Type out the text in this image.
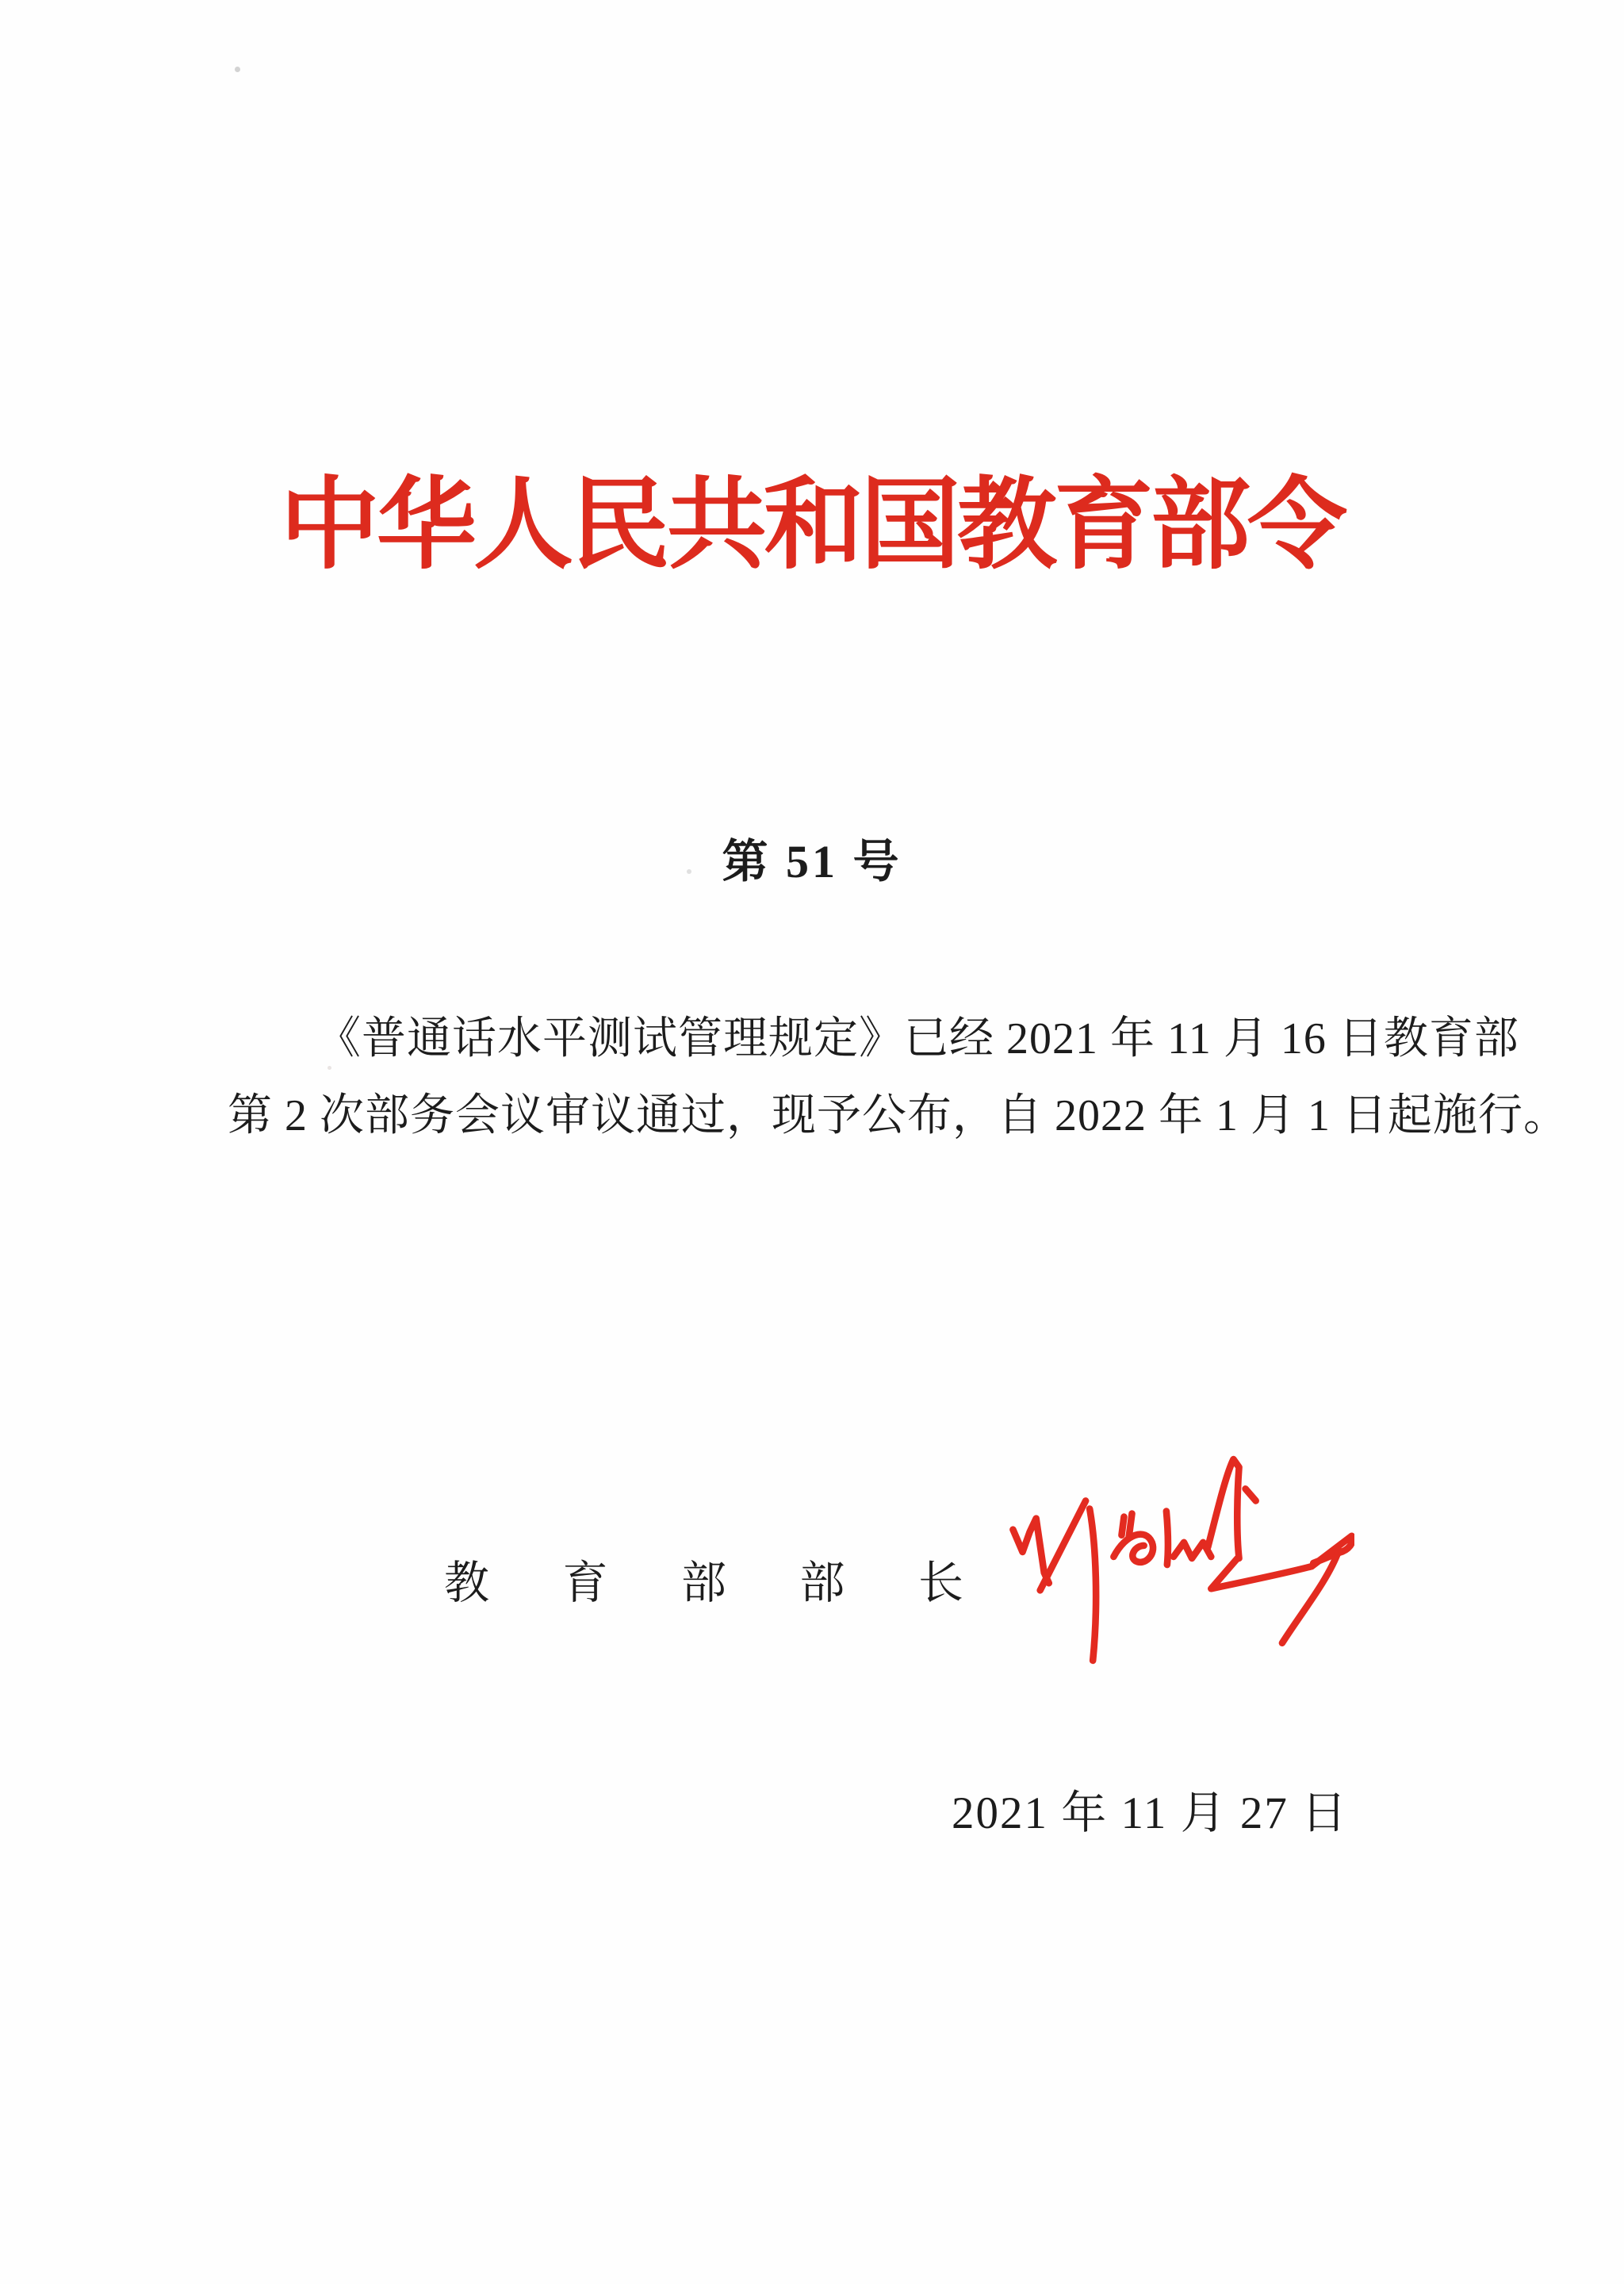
中华人民共和国教育部令
第 51 号

《普通话水平测试管理规定》已经 2021 年 11 月 16 日教育部

第 2 次部务会议审议通过，现予公布，自 2022 年 1 月 1 日起施行。

教 育 部 部 长
2021 年 11 月 27 日
